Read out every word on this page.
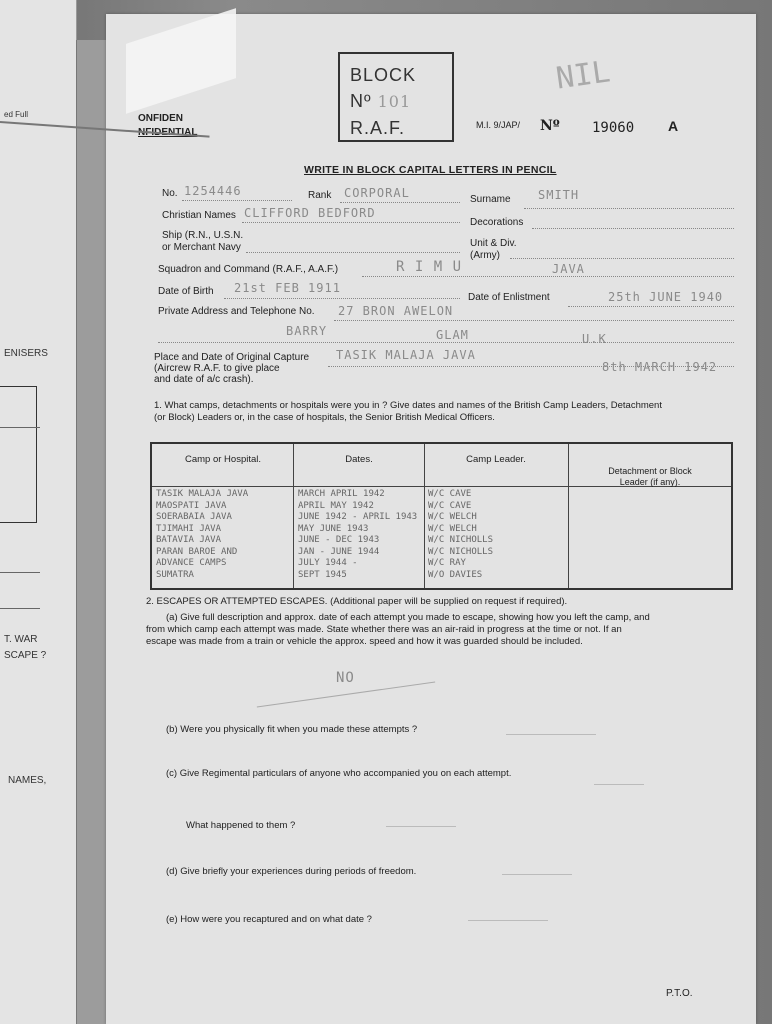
ed Full
ENISERS
T. WAR
SCAPE ?
NAMES,
BLOCK
Nº 101
R.A.F.
NIL
ONFIDEN
NFIDENTIAL
M.I. 9/JAP/ Nº 19060 A
WRITE IN BLOCK CAPITAL LETTERS IN PENCIL
No. 1254446	Rank CORPORAL	Surname SMITH
Christian Names CLIFFORD BEDFORD
Decorations
Ship (R.N., U.S.N.
or Merchant Navy	Unit & Div.
(Army)
Squadron and Command (R.A.F., A.A.F.)	R I M U	JAVA
Date of Birth 21st FEB 1911
Date of Enlistment	25th JUNE 1940
Private Address and Telephone No. 27 BRON AWELON
BARRY	GLAM	U.K
Place and Date of Original Capture
(Aircrew R.A.F. to give place
and date of a/c crash).
TASIK MALAJA JAVA
8th MARCH 1942
1. What camps, detachments or hospitals were you in ? Give dates and names of the British Camp Leaders, Detachment
(or Block) Leaders or, in the case of hospitals, the Senior British Medical Officers.
Camp or Hospital.	Dates.	Camp Leader.
Detachment or Block
Leader (if any).
TASIK MALAJA JAVA	MARCH APRIL 1942	W/C CAVE
MAOSPATI JAVA	APRIL MAY 1942	W/C CAVE
SOERABAIA JAVA	JUNE 1942 - APRIL 1943 W/C WELCH
TJIMAHI JAVA	MAY JUNE 1943	W/C WELCH
BATAVIA JAVA	JUNE - DEC 1943	W/C NICHOLLS
PARAN BAROE AND	JAN - JUNE 1944	W/C NICHOLLS
ADVANCE CAMPS	JULY 1944 -	W/C RAY
SUMATRA	SEPT 1945	W/O DAVIES
2. ESCAPES OR ATTEMPTED ESCAPES. (Additional paper will be supplied on request if required).
(a) Give full description and approx. date of each attempt you made to escape, showing how you left the camp, and
from which camp each attempt was made. State whether there was an air-raid in progress at the time or not. If an
escape was made from a train or vehicle the approx. speed and how it was guarded should be included.
NO
(b) Were you physically fit when you made these attempts ?
(c) Give Regimental particulars of anyone who accompanied you on each attempt.
What happened to them ?
(d) Give briefly your experiences during periods of freedom.
(e) How were you recaptured and on what date ?
P.T.O.
